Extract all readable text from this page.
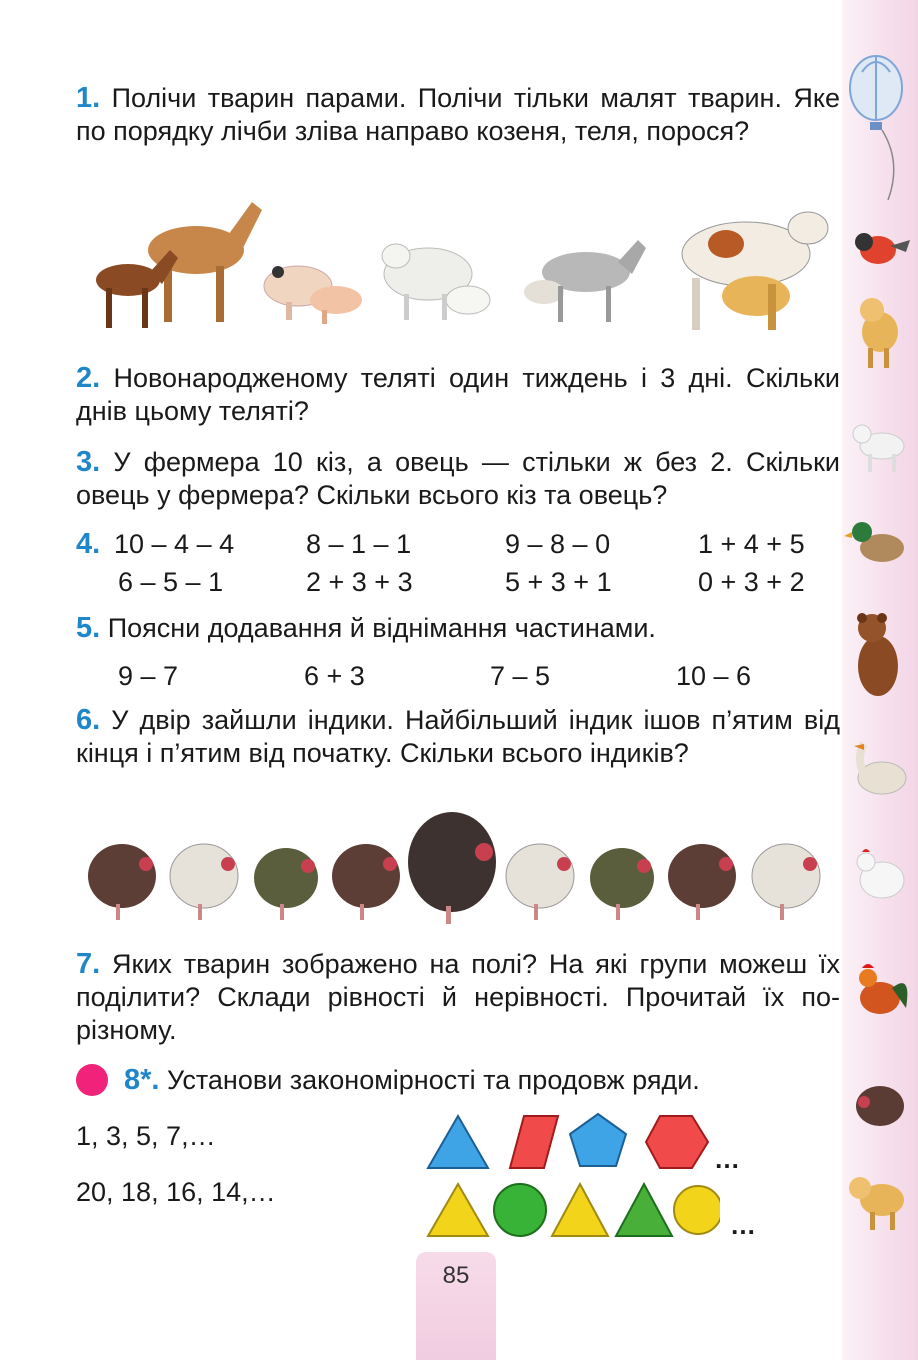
1. Полічи тварин парами. Полічи тільки малят тварин. Яке по порядку лічби зліва направо козеня, теля, порося?
2. Новонародженому теляті один тиждень і 3 дні. Скільки днів цьому теляті?
3. У фермера 10 кіз, а овець — стільки ж без 2. Скільки овець у фермера? Скільки всього кіз та овець?
4. 10 – 4 – 4	8 – 1 – 1	9 – 8 – 0	1 + 4 + 5
6 – 5 – 1	2 + 3 + 3	5 + 3 + 1	0 + 3 + 2
5. Поясни додавання й віднімання частинами.
9 – 7	6 + 3	7 – 5	10 – 6
6. У двір зайшли індики. Найбільший індик ішов п’ятим від кінця і п’ятим від початку. Скільки всього індиків?
7. Яких тварин зображено на полі? На які групи можеш їх поділити? Склади рівності й нерівності. Прочитай їх по-різному.
8*. Установи закономірності та продовж ряди.
1, 3, 5, 7,…
20, 18, 16, 14,…
…
…
85
